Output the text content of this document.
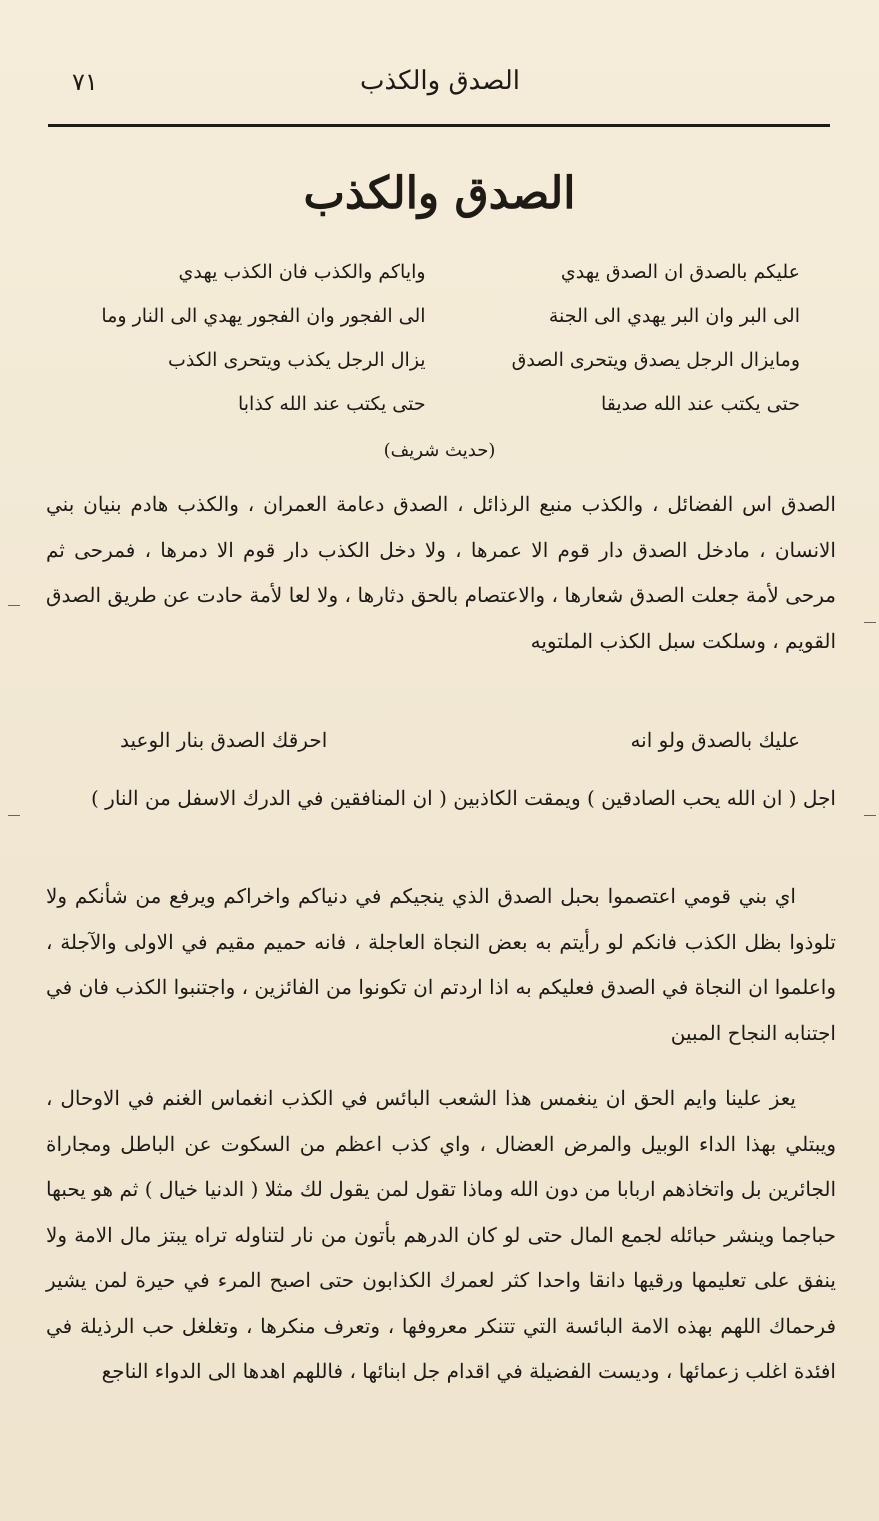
٧١	الصدق والكذب
الصدق والكذب
عليكم بالصدق ان الصدق يهدي
واياكم والكذب فان الكذب يهدي
الى البر وان البر يهدي الى الجنة
الى الفجور وان الفجور يهدي الى النار وما
ومايزال الرجل يصدق ويتحرى الصدق
يزال الرجل يكذب ويتحرى الكذب
حتى يكتب عند الله صديقا
حتى يكتب عند الله كذابا
(حديث شريف)

الصدق اس الفضائل ، والكذب منبع الرذائل ، الصدق دعامة العمران ، والكذب هادم بنيان بني الانسان ، مادخل الصدق دار قوم الا عمرها ، ولا دخل الكذب دار قوم الا دمرها ، فمرحى ثم مرحى لأمة جعلت الصدق شعارها ، والاعتصام بالحق دثارها ، ولا لعا لأمة حادت عن طريق الصدق القويم ، وسلكت سبل الكذب الملتويه

عليك بالصدق ولو انه
احرقك الصدق بنار الوعيد

اجل ( ان الله يحب الصادقين ) ويمقت الكاذبين ( ان المنافقين في الدرك الاسفل من النار )

اي بني قومي اعتصموا بحبل الصدق الذي ينجيكم في دنياكم واخراكم ويرفع من شأنكم ولا تلوذوا بظل الكذب فانكم لو رأيتم به بعض النجاة العاجلة ، فانه حميم مقيم في الاولى والآجلة ، واعلموا ان النجاة في الصدق فعليكم به اذا اردتم ان تكونوا من الفائزين ، واجتنبوا الكذب فان في اجتنابه النجاح المبين

يعز علينا وايم الحق ان ينغمس هذا الشعب البائس في الكذب انغماس الغنم في الاوحال ، ويبتلي بهذا الداء الوبيل والمرض العضال ، واي كذب اعظم من السكوت عن الباطل ومجاراة الجائرين بل واتخاذهم اربابا من دون الله وماذا تقول لمن يقول لك مثلا ( الدنيا خيال ) ثم هو يحبها حباجما وينشر حبائله لجمع المال حتى لو كان الدرهم بأتون من نار لتناوله تراه يبتز مال الامة ولا ينفق على تعليمها ورقيها دانقا واحدا كثر لعمرك الكذابون حتى اصبح المرء في حيرة لمن يشير فرحماك اللهم بهذه الامة البائسة التي تتنكر معروفها ، وتعرف منكرها ، وتغلغل حب الرذيلة في افئدة اغلب زعمائها ، وديست الفضيلة في اقدام جل ابنائها ، فاللهم اهدها الى الدواء الناجع
